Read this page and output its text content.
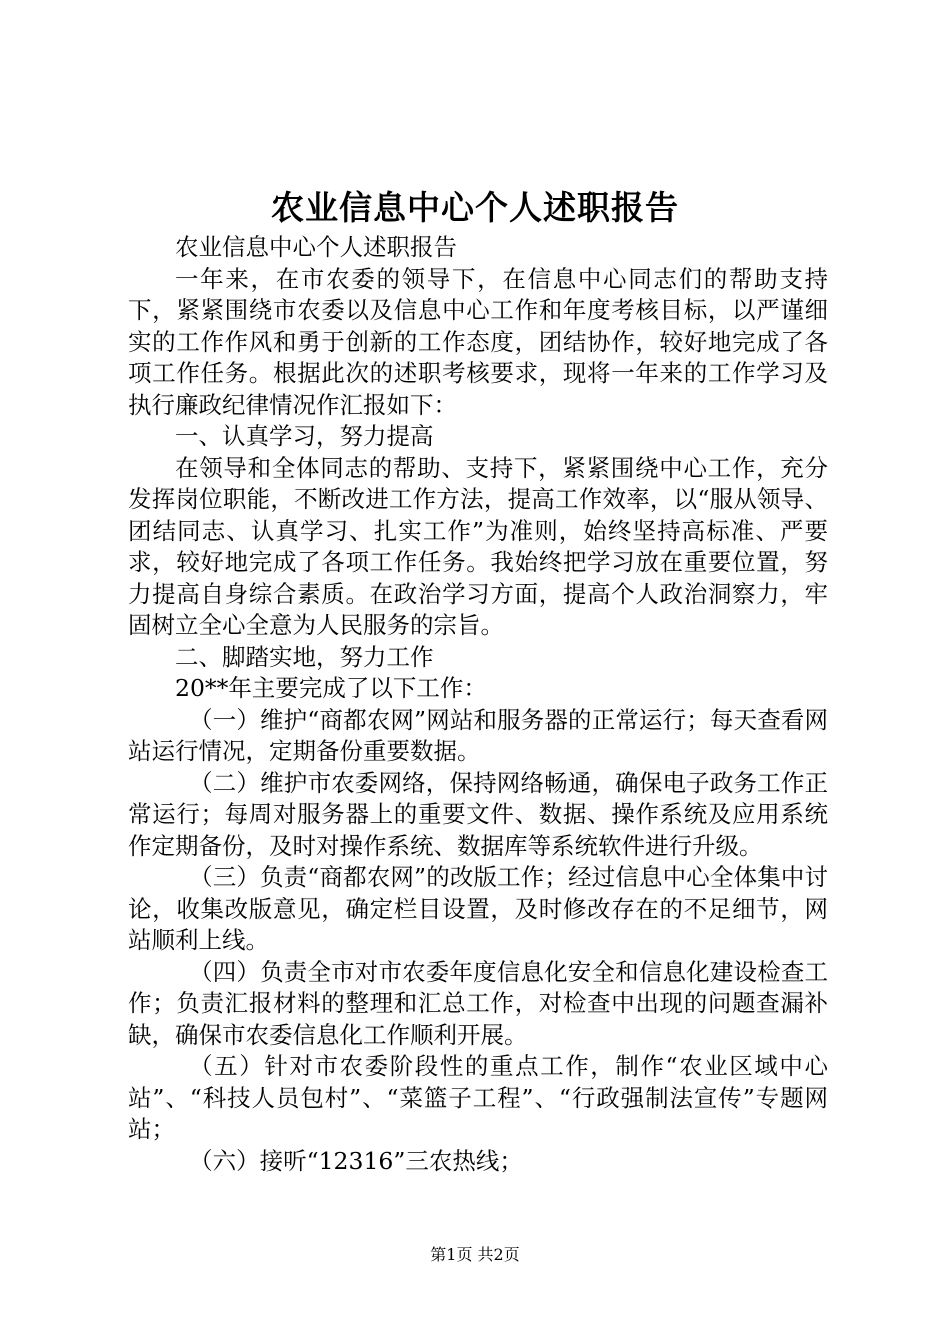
农业信息中心个人述职报告

农业信息中心个人述职报告

一年来，在市农委的领导下，在信息中心同志们的帮助支持下，紧紧围绕市农委以及信息中心工作和年度考核目标，以严谨细实的工作作风和勇于创新的工作态度，团结协作，较好地完成了各项工作任务。根据此次的述职考核要求，现将一年来的工作学习及执行廉政纪律情况作汇报如下：

一、认真学习，努力提高

在领导和全体同志的帮助、支持下，紧紧围绕中心工作，充分发挥岗位职能，不断改进工作方法，提高工作效率，以“服从领导、团结同志、认真学习、扎实工作”为准则，始终坚持高标准、严要求，较好地完成了各项工作任务。我始终把学习放在重要位置，努力提高自身综合素质。在政治学习方面，提高个人政治洞察力，牢固树立全心全意为人民服务的宗旨。

二、脚踏实地，努力工作

20**年主要完成了以下工作：

（一）维护“商都农网”网站和服务器的正常运行；每天查看网站运行情况，定期备份重要数据。

（二）维护市农委网络，保持网络畅通，确保电子政务工作正常运行；每周对服务器上的重要文件、数据、操作系统及应用系统作定期备份，及时对操作系统、数据库等系统软件进行升级。

（三）负责“商都农网”的改版工作；经过信息中心全体集中讨论，收集改版意见，确定栏目设置，及时修改存在的不足细节，网站顺利上线。

（四）负责全市对市农委年度信息化安全和信息化建设检查工作；负责汇报材料的整理和汇总工作，对检查中出现的问题查漏补缺，确保市农委信息化工作顺利开展。

（五）针对市农委阶段性的重点工作，制作“农业区域中心站”、“科技人员包村”、“菜篮子工程”、“行政强制法宣传”专题网站；

（六）接听“12316”三农热线；

第1页 共2页
